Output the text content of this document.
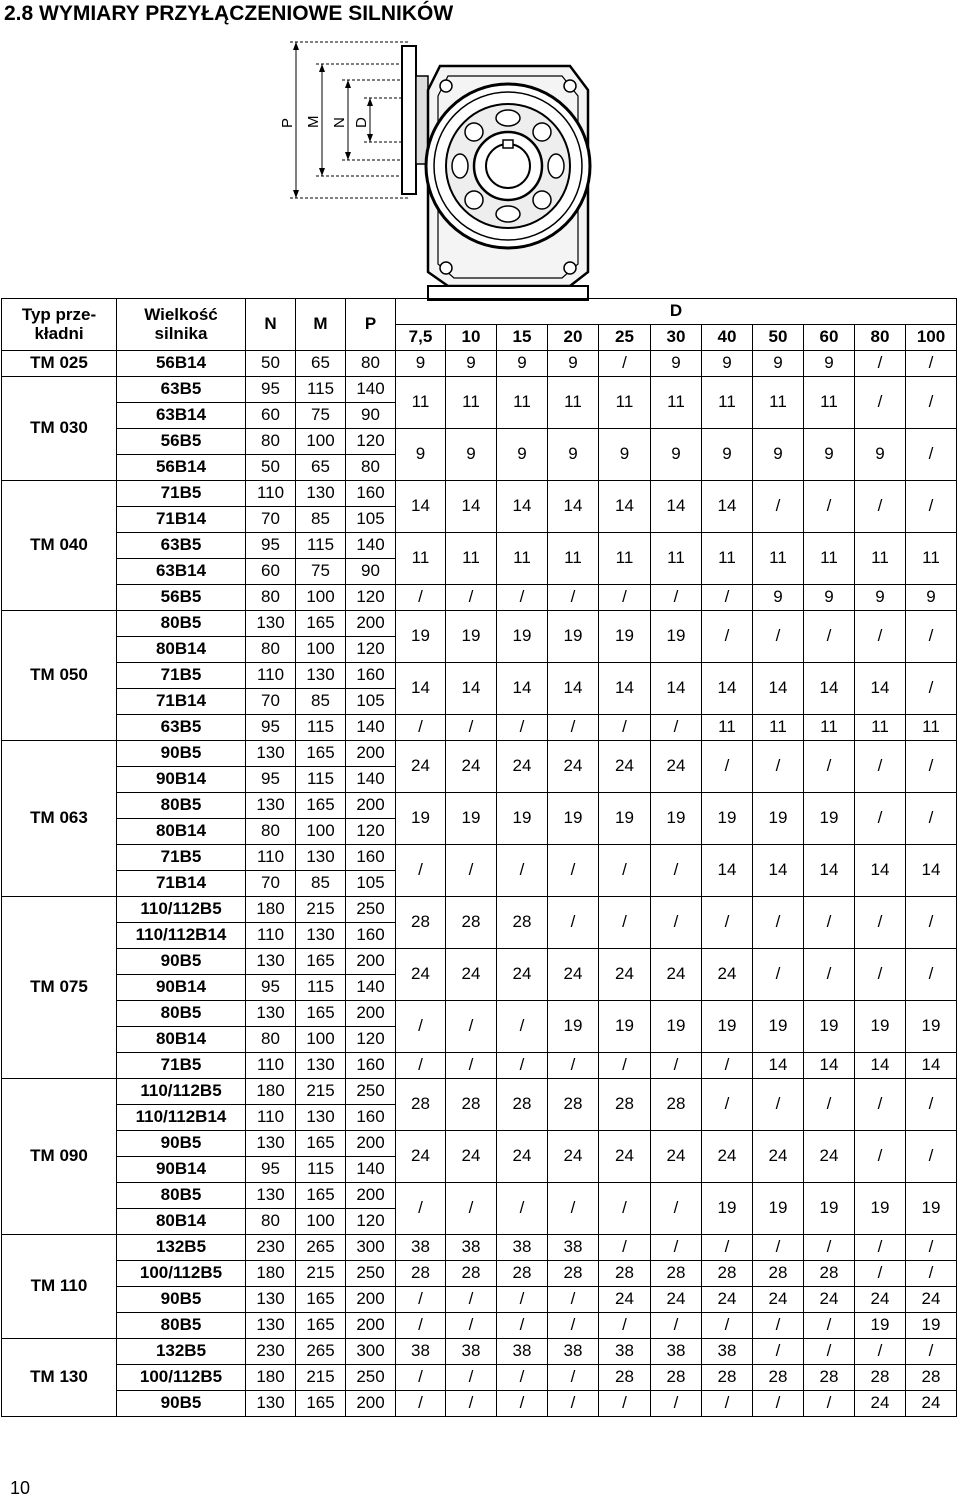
2.8 WYMIARY PRZYŁĄCZENIOWE SILNIKÓW
P M N D
Typ prze-
kładni	Wielkość
silnika	N	M	P	D										
					7,5	10	15	20	25	30	40	50	60	80	100
TM 025	56B14	50	65	80	9	9	9	9	/	9	9	9	9	/	/
TM 030	63B5	95	115	140	11	11	11	11	11	11	11	11	11	/	/
	63B14	60	75	90											
	56B5	80	100	120	9	9	9	9	9	9	9	9	9	9	/
	56B14	50	65	80											
TM 040	71B5	110	130	160	14	14	14	14	14	14	14	/	/	/	/
	71B14	70	85	105											
	63B5	95	115	140	11	11	11	11	11	11	11	11	11	11	11
	63B14	60	75	90											
	56B5	80	100	120	/	/	/	/	/	/	/	9	9	9	9
TM 050	80B5	130	165	200	19	19	19	19	19	19	/	/	/	/	/
	80B14	80	100	120											
	71B5	110	130	160	14	14	14	14	14	14	14	14	14	14	/
	71B14	70	85	105											
	63B5	95	115	140	/	/	/	/	/	/	11	11	11	11	11
TM 063	90B5	130	165	200	24	24	24	24	24	24	/	/	/	/	/
	90B14	95	115	140											
	80B5	130	165	200	19	19	19	19	19	19	19	19	19	/	/
	80B14	80	100	120											
	71B5	110	130	160	/	/	/	/	/	/	14	14	14	14	14
	71B14	70	85	105											
TM 075	110/112B5	180	215	250	28	28	28	/	/	/	/	/	/	/	/
	110/112B14	110	130	160											
	90B5	130	165	200	24	24	24	24	24	24	24	/	/	/	/
	90B14	95	115	140											
	80B5	130	165	200	/	/	/	19	19	19	19	19	19	19	19
	80B14	80	100	120											
	71B5	110	130	160	/	/	/	/	/	/	/	14	14	14	14
TM 090	110/112B5	180	215	250	28	28	28	28	28	28	/	/	/	/	/
	110/112B14	110	130	160											
	90B5	130	165	200	24	24	24	24	24	24	24	24	24	/	/
	90B14	95	115	140											
	80B5	130	165	200	/	/	/	/	/	/	19	19	19	19	19
	80B14	80	100	120											
TM 110	132B5	230	265	300	38	38	38	38	/	/	/	/	/	/	/
	100/112B5	180	215	250	28	28	28	28	28	28	28	28	28	/	/
	90B5	130	165	200	/	/	/	/	24	24	24	24	24	24	24
	80B5	130	165	200	/	/	/	/	/	/	/	/	/	19	19
TM 130	132B5	230	265	300	38	38	38	38	38	38	38	/	/	/	/
	100/112B5	180	215	250	/	/	/	/	28	28	28	28	28	28	28
	90B5	130	165	200	/	/	/	/	/	/	/	/	/	24	24
10
